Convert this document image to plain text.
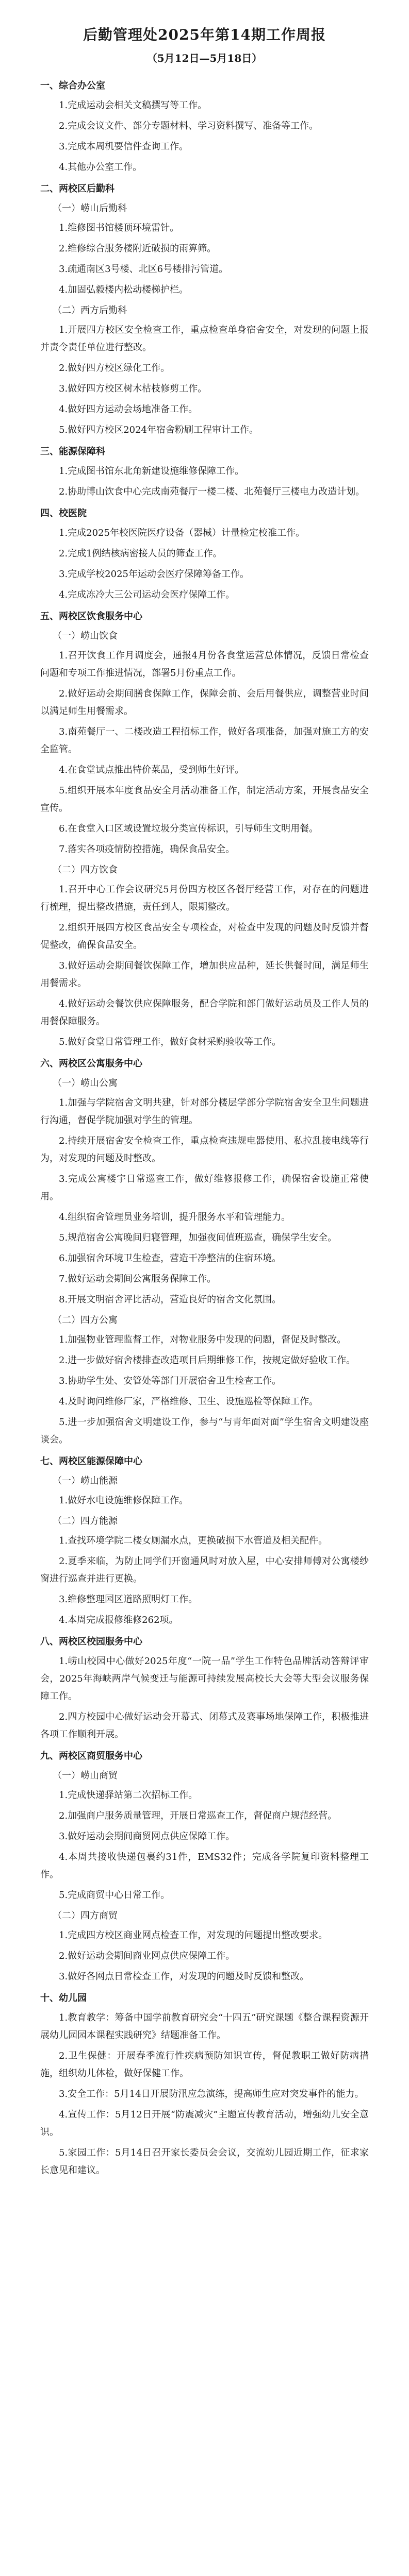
后勤管理处2025年第14期工作周报
（5月12日—5月18日）
一、综合办公室

1.完成运动会相关文稿撰写等工作。

2.完成会议文件、部分专题材料、学习资料撰写、准备等工作。

3.完成本周机要信件查询工作。

4.其他办公室工作。

二、两校区后勤科
（一）崂山后勤科

1.维修图书馆楼顶环境雷针。

2.维修综合服务楼附近破损的雨箅筛。

3.疏通南区3号楼、北区6号楼排污管道。

4.加固弘毅楼内松动楼梯护栏。

（二）西方后勤科

1.开展四方校区安全检查工作，重点检查单身宿舍安全，对发现的问题上报并责令责任单位进行整改。

2.做好四方校区绿化工作。

3.做好四方校区树木枯枝修剪工作。

4.做好四方运动会场地准备工作。

5.做好四方校区2024年宿舍粉刷工程审计工作。

三、能源保障科

1.完成图书馆东北角新建设施维修保障工作。

2.协助博山饮食中心完成南苑餐厅一楼二楼、北苑餐厅三楼电力改造计划。

四、校医院

1.完成2025年校医院医疗设备（器械）计量检定校准工作。

2.完成1例结核病密接人员的筛查工作。

3.完成学校2025年运动会医疗保障筹备工作。

4.完成冻冷大三公司运动会医疗保障工作。

五、两校区饮食服务中心
（一）崂山饮食

1.召开饮食工作月调度会，通报4月份各食堂运营总体情况，反馈日常检查问题和专项工作推进情况，部署5月份重点工作。

2.做好运动会期间膳食保障工作，保障会前、会后用餐供应，调整营业时间以满足师生用餐需求。

3.南苑餐厅一、二楼改造工程招标工作，做好各项准备，加强对施工方的安全监管。

4.在食堂试点推出特价菜品，受到师生好评。

5.组织开展本年度食品安全月活动准备工作，制定活动方案，开展食品安全宣传。

6.在食堂入口区域设置垃圾分类宣传标识，引导师生文明用餐。

7.落实各项疫情防控措施，确保食品安全。

（二）四方饮食

1.召开中心工作会议研究5月份四方校区各餐厅经营工作，对存在的问题进行梳理，提出整改措施，责任到人，限期整改。

2.组织开展四方校区食品安全专项检查，对检查中发现的问题及时反馈并督促整改，确保食品安全。

3.做好运动会期间餐饮保障工作，增加供应品种，延长供餐时间，满足师生用餐需求。

4.做好运动会餐饮供应保障服务，配合学院和部门做好运动员及工作人员的用餐保障服务。

5.做好食堂日常管理工作，做好食材采购验收等工作。

六、两校区公寓服务中心
（一）崂山公寓

1.加强与学院宿舍文明共建，针对部分楼层学部分学院宿舍安全卫生问题进行沟通，督促学院加强对学生的管理。

2.持续开展宿舍安全检查工作，重点检查违规电器使用、私拉乱接电线等行为，对发现的问题及时整改。

3.完成公寓楼宇日常巡查工作，做好维修报修工作，确保宿舍设施正常使用。

4.组织宿舍管理员业务培训，提升服务水平和管理能力。

5.规范宿舍公寓晚间归寝管理，加强夜间值班巡查，确保学生安全。

6.加强宿舍环境卫生检查，营造干净整洁的住宿环境。

7.做好运动会期间公寓服务保障工作。

8.开展文明宿舍评比活动，营造良好的宿舍文化氛围。

（二）四方公寓

1.加强物业管理监督工作，对物业服务中发现的问题，督促及时整改。

2.进一步做好宿舍楼排查改造项目后期维修工作，按规定做好验收工作。

3.协助学生处、安管处等部门开展宿舍卫生检查工作。

4.及时询问维修厂家，严格维修、卫生、设施巡检等保障工作。

5.进一步加强宿舍文明建设工作，参与“与青年面对面”学生宿舍文明建设座谈会。

七、两校区能源保障中心
（一）崂山能源

1.做好水电设施维修保障工作。

（二）四方能源

1.查找环境学院二楼女厕漏水点，更换破损下水管道及相关配件。

2.夏季来临，为防止同学们开窗通风时对放入屋，中心安排师傅对公寓楼纱窗进行巡查并进行更换。

3.维修整理园区道路照明灯工作。

4.本周完成报修维修262项。

八、两校区校园服务中心

1.崂山校园中心做好2025年度“一院一品”学生工作特色品牌活动答辩评审会，2025年海峡两岸气候变迁与能源可持续发展高校长大会等大型会议服务保障工作。

2.四方校园中心做好运动会开幕式、闭幕式及赛事场地保障工作，积极推进各项工作顺利开展。

九、两校区商贸服务中心
（一）崂山商贸

1.完成快递驿站第二次招标工作。

2.加强商户服务质量管理，开展日常巡查工作，督促商户规范经营。

3.做好运动会期间商贸网点供应保障工作。

4.本周共接收快递包裹约31件，EMS32件；完成各学院复印资料整理工作。

5.完成商贸中心日常工作。

（二）四方商贸

1.完成四方校区商业网点检查工作，对发现的问题提出整改要求。

2.做好运动会期间商业网点供应保障工作。

3.做好各网点日常检查工作，对发现的问题及时反馈和整改。

十、幼儿园

1.教育教学：筹备中国学前教育研究会“十四五”研究课题《整合课程资源开展幼儿园园本课程实践研究》结题准备工作。

2.卫生保健：开展春季流行性疾病预防知识宣传，督促教职工做好防病措施，组织幼儿体检，做好保健工作。

3.安全工作：5月14日开展防汛应急演练，提高师生应对突发事件的能力。

4.宣传工作：5月12日开展“防震减灾”主题宣传教育活动，增强幼儿安全意识。

5.家园工作：5月14日召开家长委员会会议，交流幼儿园近期工作，征求家长意见和建议。
